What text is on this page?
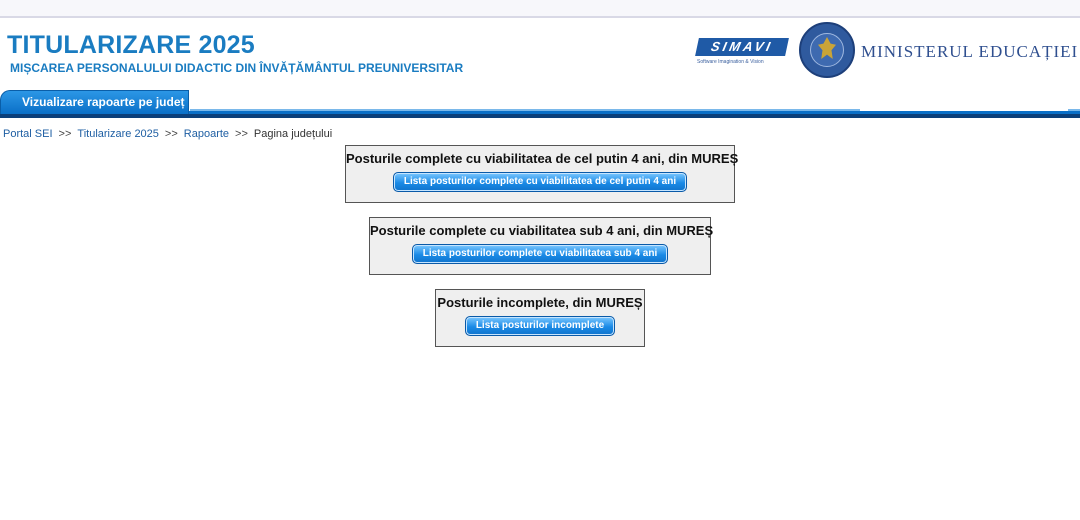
TITULARIZARE 2025
MIȘCAREA PERSONALULUI DIDACTIC DIN ÎNVĂȚĂMÂNTUL PREUNIVERSITAR
SIMAVI
Software Imagination & Vision
MINISTERUL EDUCAȚIEI
Vizualizare rapoarte pe județ
Portal SEI >> Titularizare 2025 >> Rapoarte >> Pagina județului
Posturile complete cu viabilitatea de cel putin 4 ani, din MUREȘ
Lista posturilor complete cu viabilitatea de cel putin 4 ani
Posturile complete cu viabilitatea sub 4 ani, din MUREȘ
Lista posturilor complete cu viabilitatea sub 4 ani
Posturile incomplete, din MUREȘ
Lista posturilor incomplete
